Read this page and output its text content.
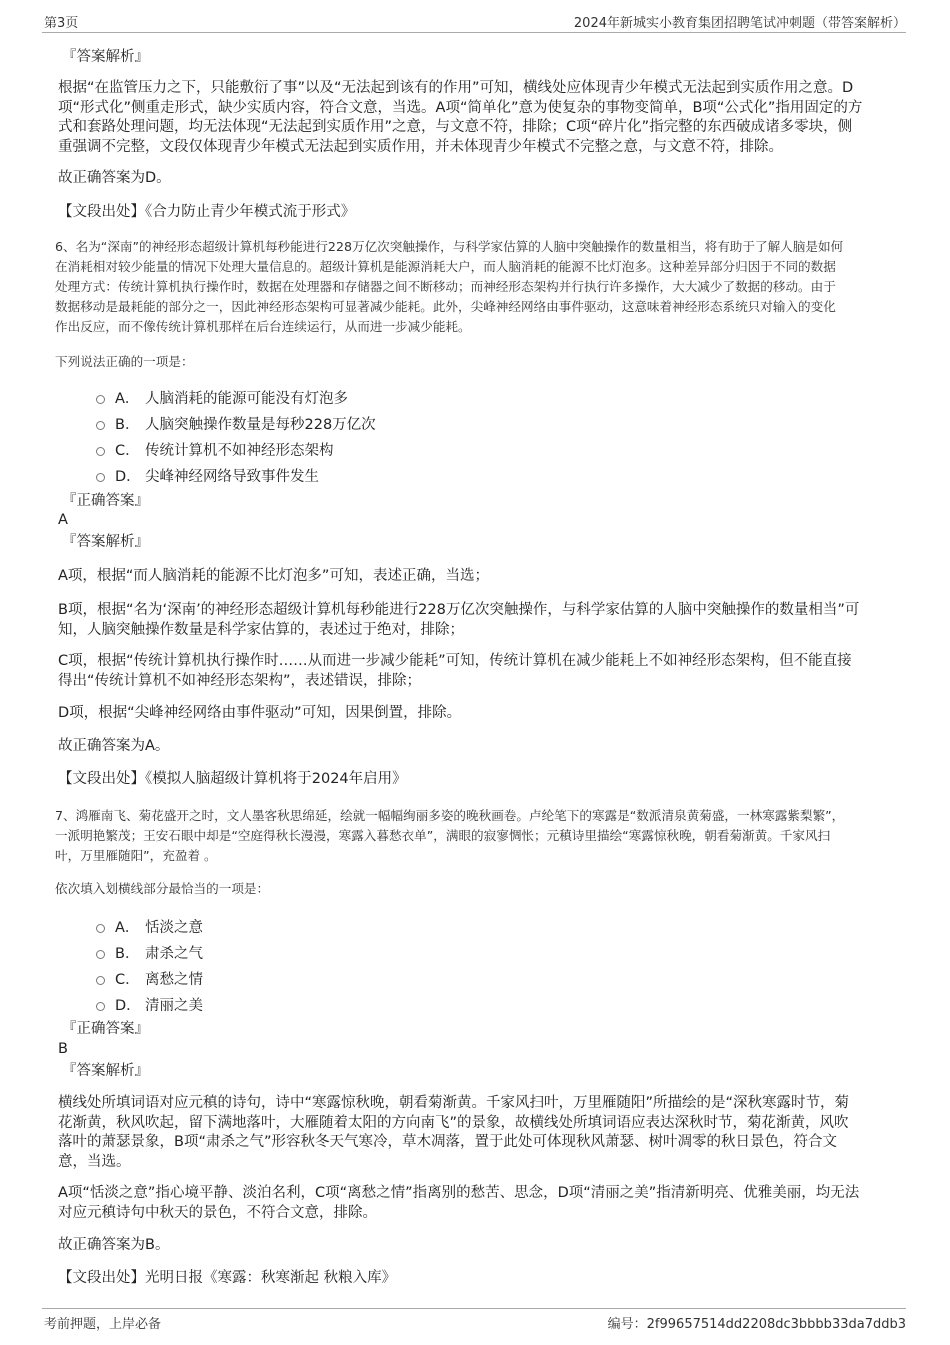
第3页	2024年新城实小教育集团招聘笔试冲刺题（带答案解析）
『答案解析』
根据“在监管压力之下，只能敷衍了事”以及“无法起到该有的作用”可知，横线处应体现青少年模式无法起到实质作用之意。D
项“形式化”侧重走形式，缺少实质内容，符合文意，当选。A项“简单化”意为使复杂的事物变简单，B项“公式化”指用固定的方
式和套路处理问题，均无法体现“无法起到实质作用”之意，与文意不符，排除；C项“碎片化”指完整的东西破成诸多零块，侧
重强调不完整，文段仅体现青少年模式无法起到实质作用，并未体现青少年模式不完整之意，与文意不符，排除。
故正确答案为D。
【文段出处】《合力防止青少年模式流于形式》
6、名为“深南”的神经形态超级计算机每秒能进行228万亿次突触操作，与科学家估算的人脑中突触操作的数量相当，将有助于了解人脑是如何
在消耗相对较少能量的情况下处理大量信息的。超级计算机是能源消耗大户，而人脑消耗的能源不比灯泡多。这种差异部分归因于不同的数据
处理方式：传统计算机执行操作时，数据在处理器和存储器之间不断移动；而神经形态架构并行执行许多操作，大大减少了数据的移动。由于
数据移动是最耗能的部分之一，因此神经形态架构可显著减少能耗。此外，尖峰神经网络由事件驱动，这意味着神经形态系统只对输入的变化
作出反应，而不像传统计算机那样在后台连续运行，从而进一步减少能耗。
下列说法正确的一项是：
A． 人脑消耗的能源可能没有灯泡多
B． 人脑突触操作数量是每秒228万亿次
C． 传统计算机不如神经形态架构
D． 尖峰神经网络导致事件发生
『正确答案』
A
『答案解析』
A项，根据“而人脑消耗的能源不比灯泡多”可知，表述正确，当选；
B项，根据“名为‘深南’的神经形态超级计算机每秒能进行228万亿次突触操作，与科学家估算的人脑中突触操作的数量相当”可
知，人脑突触操作数量是科学家估算的，表述过于绝对，排除；
C项，根据“传统计算机执行操作时……从而进一步减少能耗”可知，传统计算机在减少能耗上不如神经形态架构，但不能直接
得出“传统计算机不如神经形态架构”，表述错误，排除；
D项，根据“尖峰神经网络由事件驱动”可知，因果倒置，排除。
故正确答案为A。
【文段出处】《模拟人脑超级计算机将于2024年启用》
7、鸿雁南飞、菊花盛开之时，文人墨客秋思绵延，绘就一幅幅绚丽多姿的晚秋画卷。卢纶笔下的寒露是“数派清泉黄菊盛，一林寒露紫梨繁”，
一派明艳繁茂；王安石眼中却是“空庭得秋长漫漫，寒露入暮愁衣单”，满眼的寂寥惆怅；元稹诗里描绘“寒露惊秋晚，朝看菊渐黄。千家风扫
叶，万里雁随阳”，充盈着 。
依次填入划横线部分最恰当的一项是：
A． 恬淡之意
B． 肃杀之气
C． 离愁之情
D． 清丽之美
『正确答案』
B
『答案解析』
横线处所填词语对应元稹的诗句，诗中“寒露惊秋晚，朝看菊渐黄。千家风扫叶，万里雁随阳”所描绘的是“深秋寒露时节，菊
花渐黄，秋风吹起，留下满地落叶，大雁随着太阳的方向南飞”的景象，故横线处所填词语应表达深秋时节，菊花渐黄，风吹
落叶的萧瑟景象，B项“肃杀之气”形容秋冬天气寒冷，草木凋落，置于此处可体现秋风萧瑟、树叶凋零的秋日景色，符合文
意，当选。
A项“恬淡之意”指心境平静、淡泊名利，C项“离愁之情”指离别的愁苦、思念，D项“清丽之美”指清新明亮、优雅美丽，均无法
对应元稹诗句中秋天的景色，不符合文意，排除。
故正确答案为B。
【文段出处】光明日报《寒露：秋寒渐起 秋粮入库》
考前押题，上岸必备	编号：2f99657514dd2208dc3bbbb33da7ddb3
